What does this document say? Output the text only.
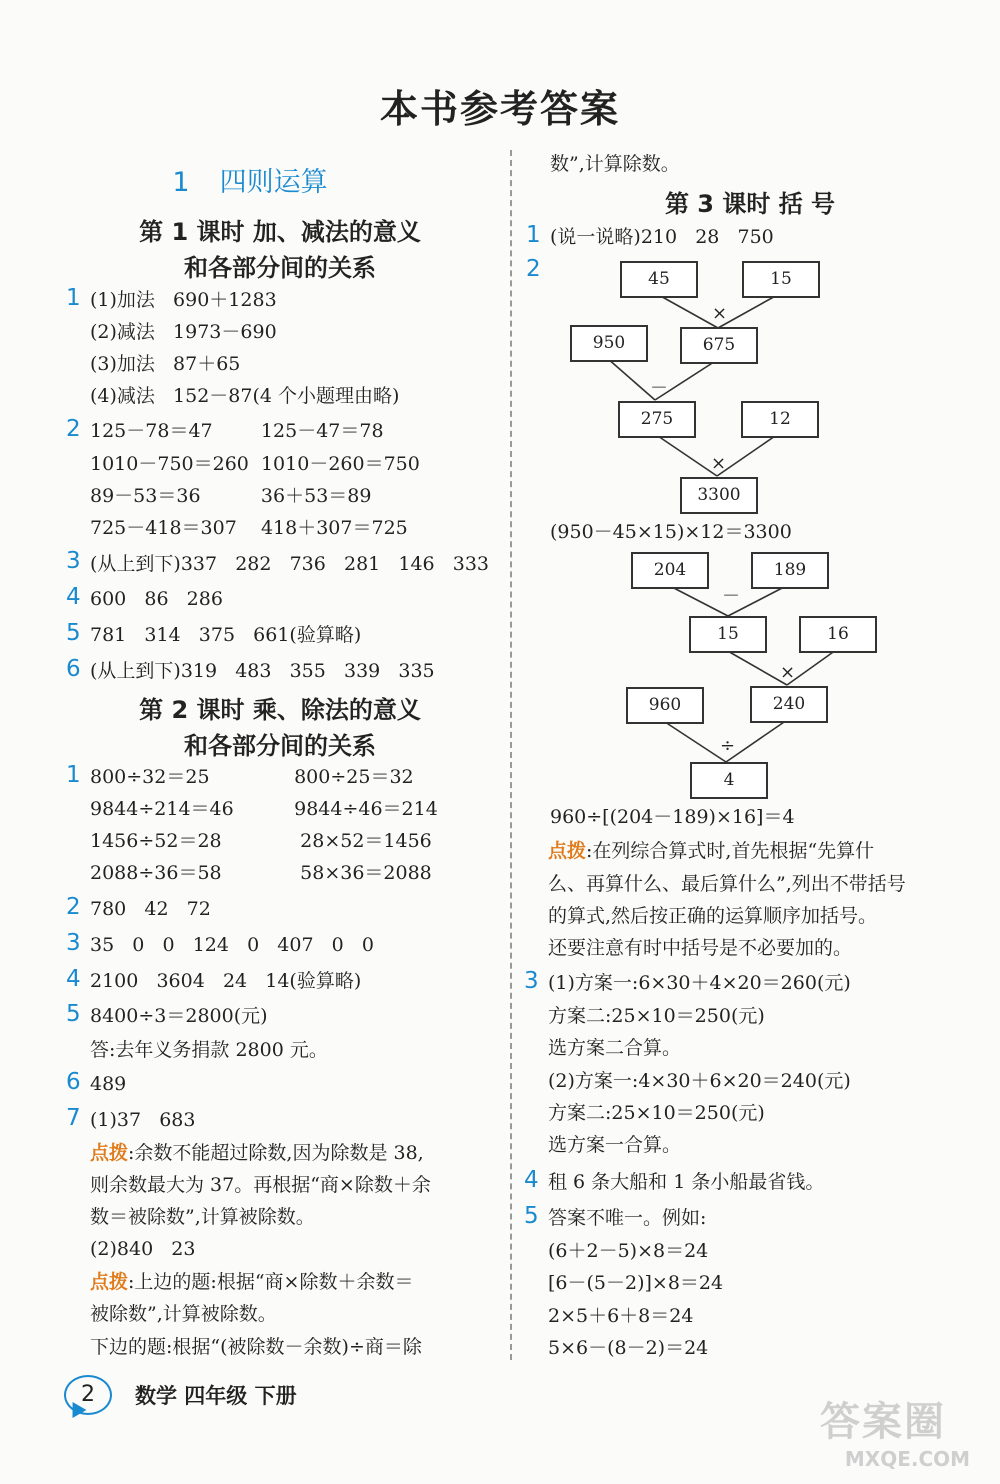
本书参考答案
1 四则运算
第 1 课时 加、减法的意义
和各部分间的关系
1 (1)加法   690＋1283
(2)减法   1973－690
(3)加法   87＋65
(4)减法   152－87(4 个小题理由略)
2 125－78＝47        125－47＝78
1010－750＝260  1010－260＝750
89－53＝36          36＋53＝89
725－418＝307    418＋307＝725
3 (从上到下)337   282   736   281   146   333
4 600   86   286
5 781   314   375   661(验算略)
6 (从上到下)319   483   355   339   335
第 2 课时 乘、除法的意义
和各部分间的关系
1 800÷32＝25              800÷25＝32
9844÷214＝46          9844÷46＝214
1456÷52＝28             28×52＝1456
2088÷36＝58             58×36＝2088
2 780   42   72
3 35   0   0   124   0   407   0   0
4 2100   3604   24   14(验算略)
5 8400÷3＝2800(元)
答:去年义务捐款 2800 元。
6 489
7 (1)37   683
点拨:余数不能超过除数,因为除数是 38,
则余数最大为 37。再根据“商×除数＋余
数＝被除数”,计算被除数。
(2)840   23
点拨:上边的题:根据“商×除数＋余数＝
被除数”,计算被除数。
下边的题:根据“(被除数－余数)÷商＝除
数”,计算除数。
第 3 课时 括 号
1 (说一说略)210   28   750
2	45	15
×
950	675
－
275	12
×
3300
(950－45×15)×12＝3300
204	189
－
15	16
×
960	240
÷
4
960÷[(204－189)×16]＝4
点拨:在列综合算式时,首先根据“先算什
么、再算什么、最后算什么”,列出不带括号
的算式,然后按正确的运算顺序加括号。
还要注意有时中括号是不必要加的。
3 (1)方案一:6×30＋4×20＝260(元)
方案二:25×10＝250(元)
选方案二合算。
(2)方案一:4×30＋6×20＝240(元)
方案二:25×10＝250(元)
选方案一合算。
4 租 6 条大船和 1 条小船最省钱。
5 答案不唯一。例如:
(6＋2－5)×8＝24
[6－(5－2)]×8＝24
2×5＋6＋8＝24
5×6－(8－2)＝24
2	数学 四年级 下册
答案圈
MXQE.COM
